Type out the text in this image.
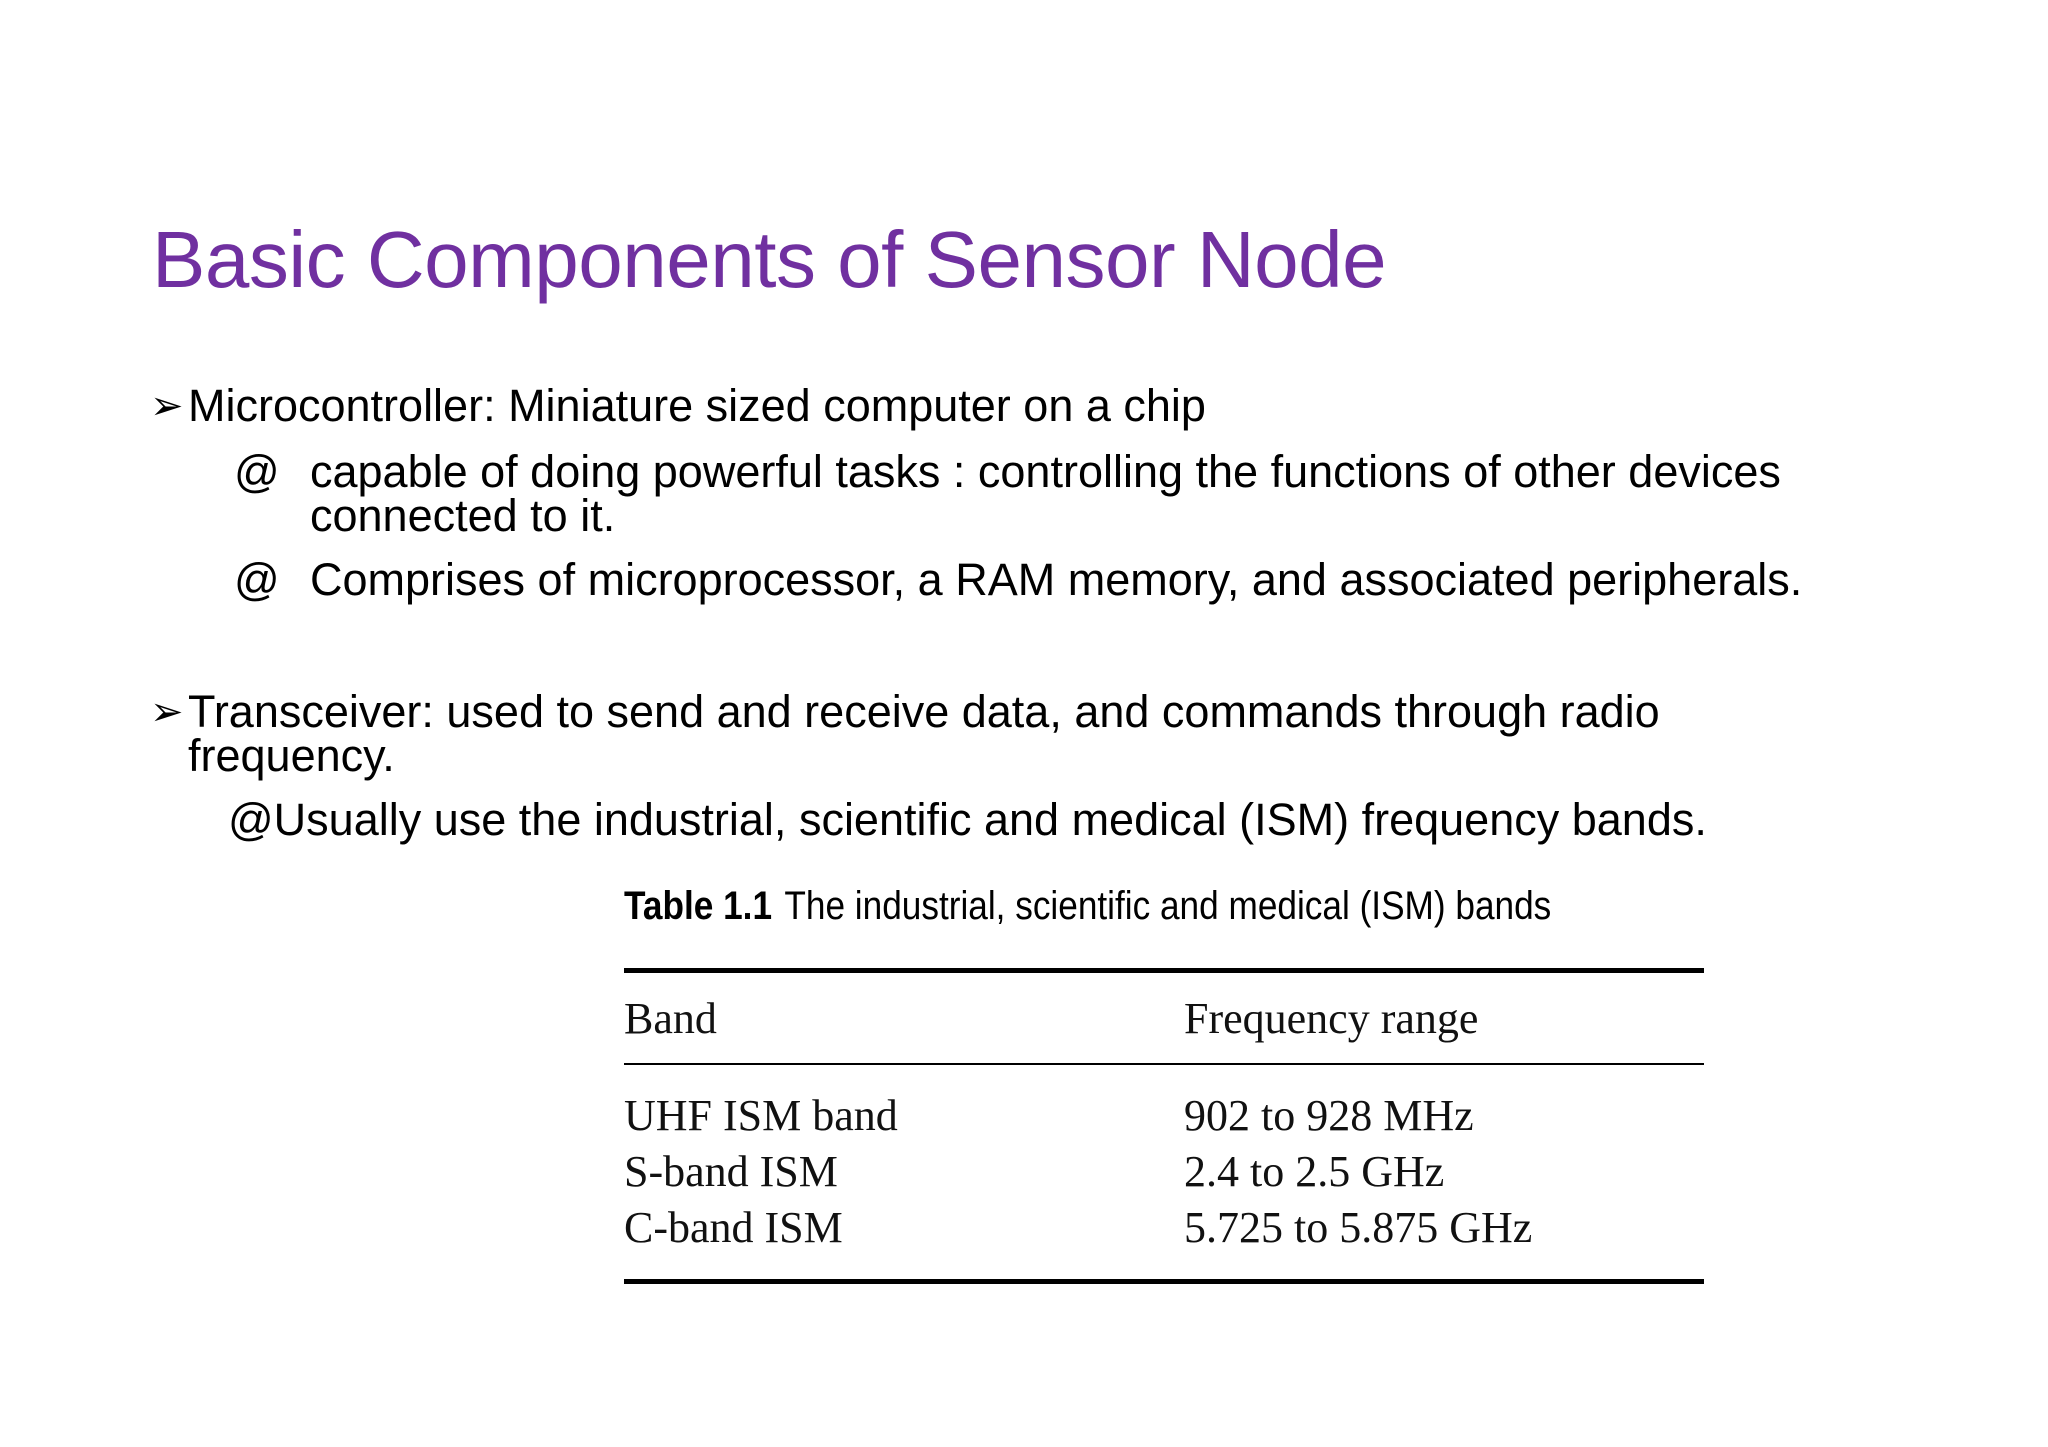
Basic Components of Sensor Node
➢Microcontroller: Miniature sized computer on a chip
@ capable of doing powerful tasks : controlling the functions of other devices
connected to it.
@ Comprises of microprocessor, a RAM memory, and associated peripherals.
➢Transceiver: used to send and receive data, and commands through radio
frequency.
@Usually use the industrial, scientific and medical (ISM) frequency bands.
Table 1.1 The industrial, scientific and medical (ISM) bands
Band	Frequency range
UHF ISM band	902 to 928 MHz
S-band ISM	2.4 to 2.5 GHz
C-band ISM	5.725 to 5.875 GHz
